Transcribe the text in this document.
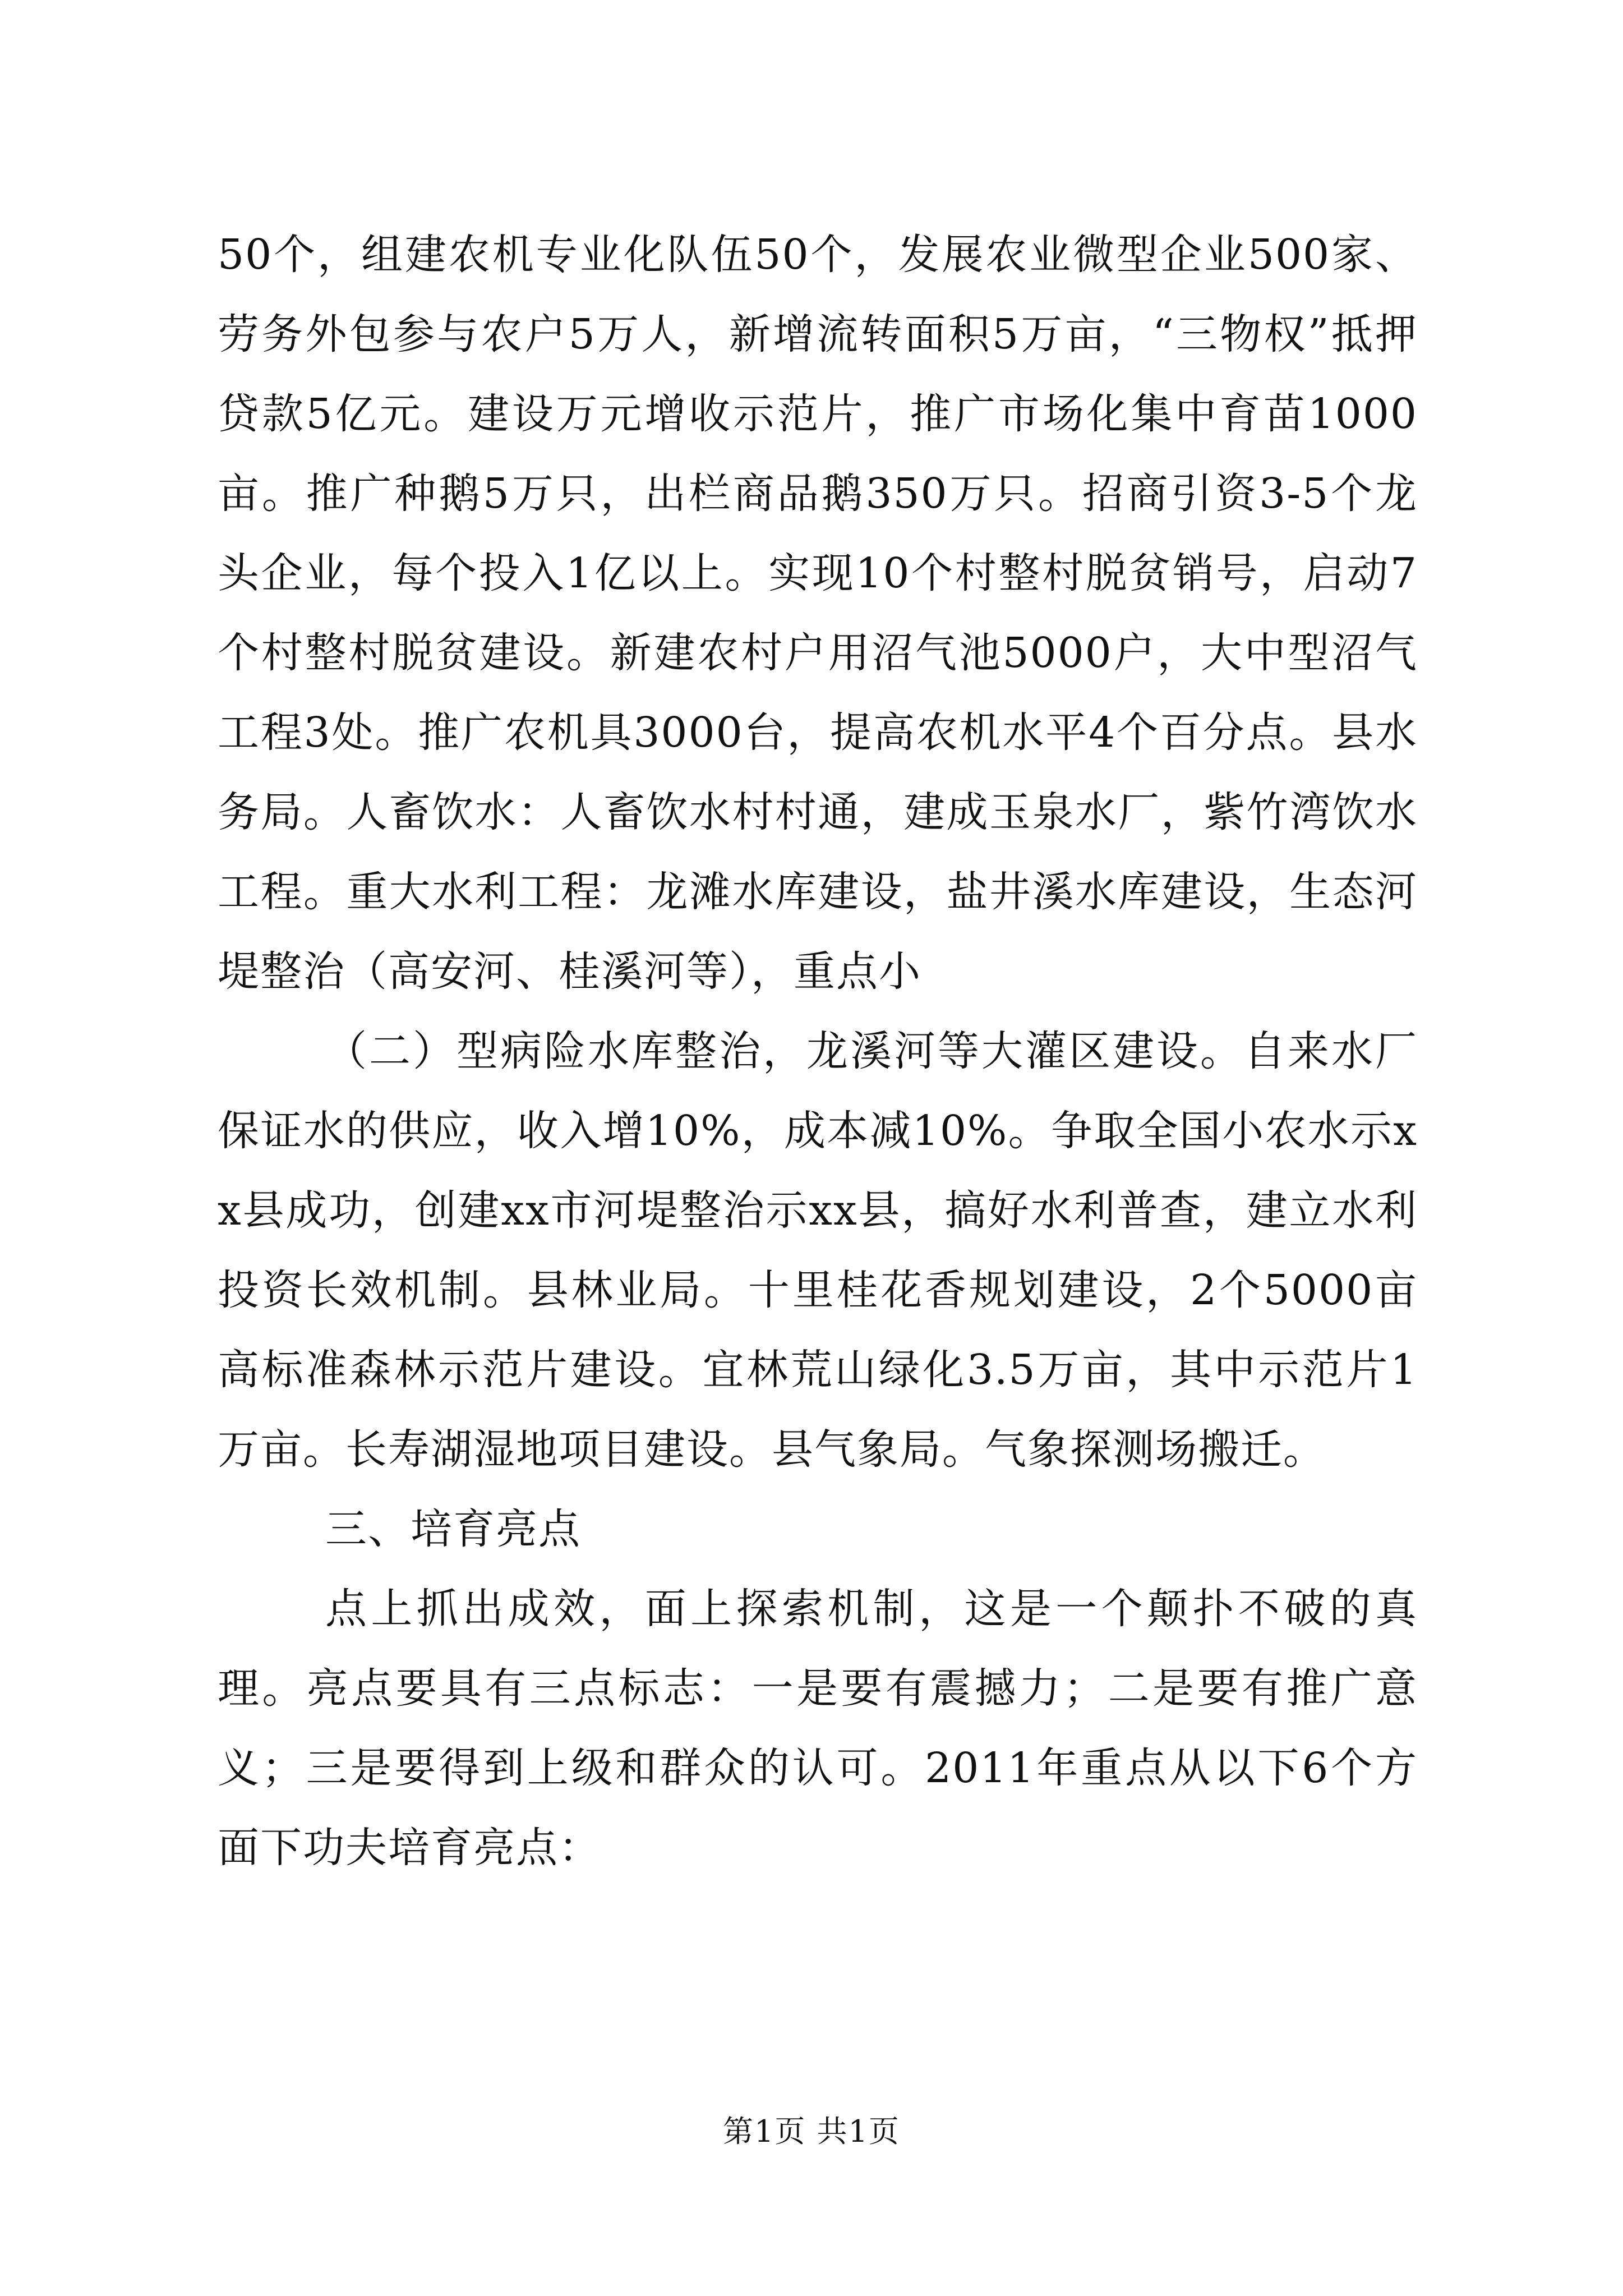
50个，组建农机专业化队伍50个，发展农业微型企业500家、劳务外包参与农户5万人，新增流转面积5万亩，“三物权”抵押贷款5亿元。建设万元增收示范片，推广市场化集中育苗1000亩。推广种鹅5万只，出栏商品鹅350万只。招商引资3-5个龙头企业，每个投入1亿以上。实现10个村整村脱贫销号，启动7个村整村脱贫建设。新建农村户用沼气池5000户，大中型沼气工程3处。推广农机具3000台，提高农机水平4个百分点。县水务局。人畜饮水：人畜饮水村村通，建成玉泉水厂，紫竹湾饮水工程。重大水利工程：龙滩水库建设，盐井溪水库建设，生态河堤整治（高安河、桂溪河等），重点小

（二）型病险水库整治，龙溪河等大灌区建设。自来水厂保证水的供应，收入增10%，成本减10%。争取全国小农水示xx县成功，创建xx市河堤整治示xx县，搞好水利普查，建立水利投资长效机制。县林业局。十里桂花香规划建设，2个5000亩高标准森林示范片建设。宜林荒山绿化3.5万亩，其中示范片1万亩。长寿湖湿地项目建设。县气象局。气象探测场搬迁。

三、培育亮点

点上抓出成效，面上探索机制，这是一个颠扑不破的真理。亮点要具有三点标志：一是要有震撼力；二是要有推广意义；三是要得到上级和群众的认可。2011年重点从以下6个方面下功夫培育亮点：

第1页 共1页
